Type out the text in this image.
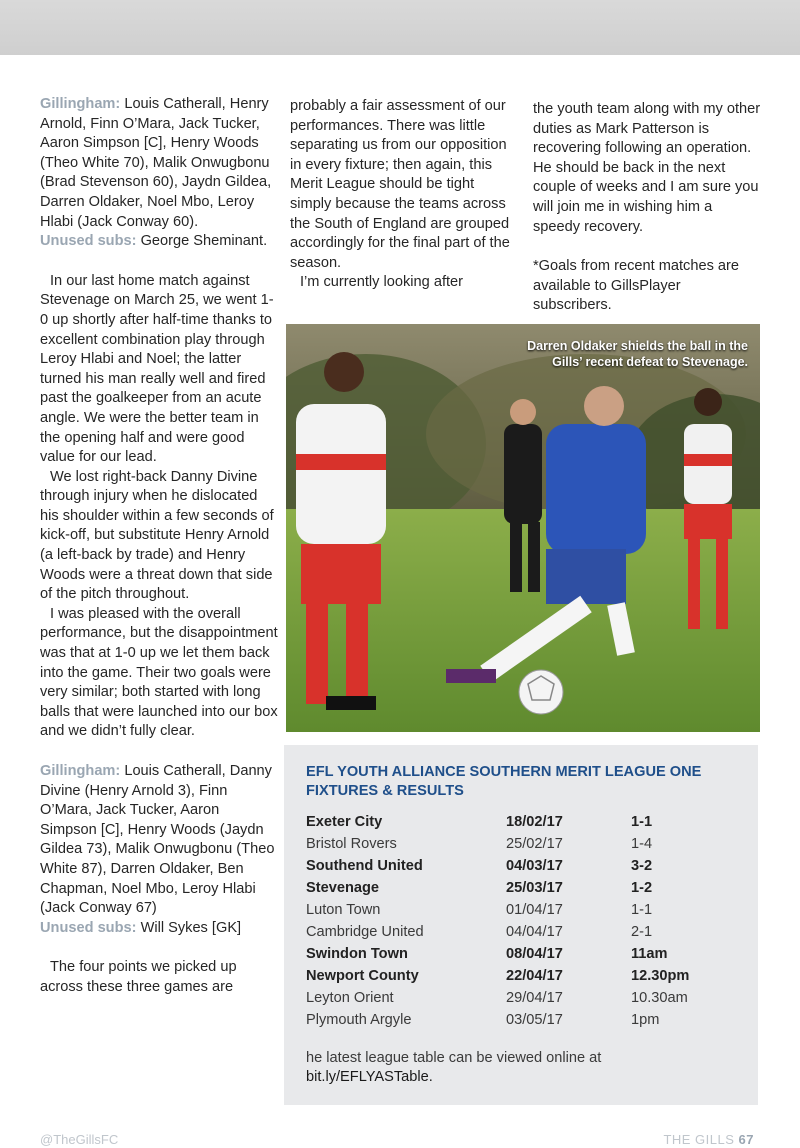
Gillingham: Louis Catherall, Henry Arnold, Finn O’Mara, Jack Tucker, Aaron Simpson [C], Henry Woods (Theo White 70), Malik Onwugbonu (Brad Stevenson 60), Jaydn Gildea, Darren Oldaker, Noel Mbo, Leroy Hlabi (Jack Conway 60).

Unused subs: George Sheminant.

In our last home match against Stevenage on March 25, we went 1-0 up shortly after half-time thanks to excellent combination play through Leroy Hlabi and Noel; the latter turned his man really well and fired past the goalkeeper from an acute angle. We were the better team in the opening half and were good value for our lead.

We lost right-back Danny Divine through injury when he dislocated his shoulder within a few seconds of kick-off, but substitute Henry Arnold (a left-back by trade) and Henry Woods were a threat down that side of the pitch throughout.

I was pleased with the overall performance, but the disappointment was that at 1-0 up we let them back into the game. Their two goals were very similar; both started with long balls that were launched into our box and we didn’t fully clear.

Gillingham: Louis Catherall, Danny Divine (Henry Arnold 3), Finn O’Mara, Jack Tucker, Aaron Simpson [C], Henry Woods (Jaydn Gildea 73), Malik Onwugbonu (Theo White 87), Darren Oldaker, Ben Chapman, Noel Mbo, Leroy Hlabi (Jack Conway 67)

Unused subs: Will Sykes [GK]

The four points we picked up across these three games are

probably a fair assessment of our performances. There was little separating us from our opposition in every fixture; then again, this Merit League should be tight simply because the teams across the South of England are grouped accordingly for the final part of the season.

I’m currently looking after

the youth team along with my other duties as Mark Patterson is recovering following an operation. He should be back in the next couple of weeks and I am sure you will join me in wishing him a speedy recovery.

*Goals from recent matches are available to GillsPlayer subscribers.

Darren Oldaker shields the ball in the Gills’ recent defeat to Stevenage.
EFL YOUTH ALLIANCE SOUTHERN MERIT LEAGUE ONE FIXTURES & RESULTS
Exeter City	18/02/17	1-1
Bristol Rovers	25/02/17	1-4
Southend United	04/03/17	3-2
Stevenage	25/03/17	1-2
Luton Town	01/04/17	1-1
Cambridge United	04/04/17	2-1
Swindon Town	08/04/17	11am
Newport County	22/04/17	12.30pm
Leyton Orient	29/04/17	10.30am
Plymouth Argyle	03/05/17	1pm
he latest league table can be viewed online at
bit.ly/EFLYASTable.
@TheGillsFC	THE GILLS 67
